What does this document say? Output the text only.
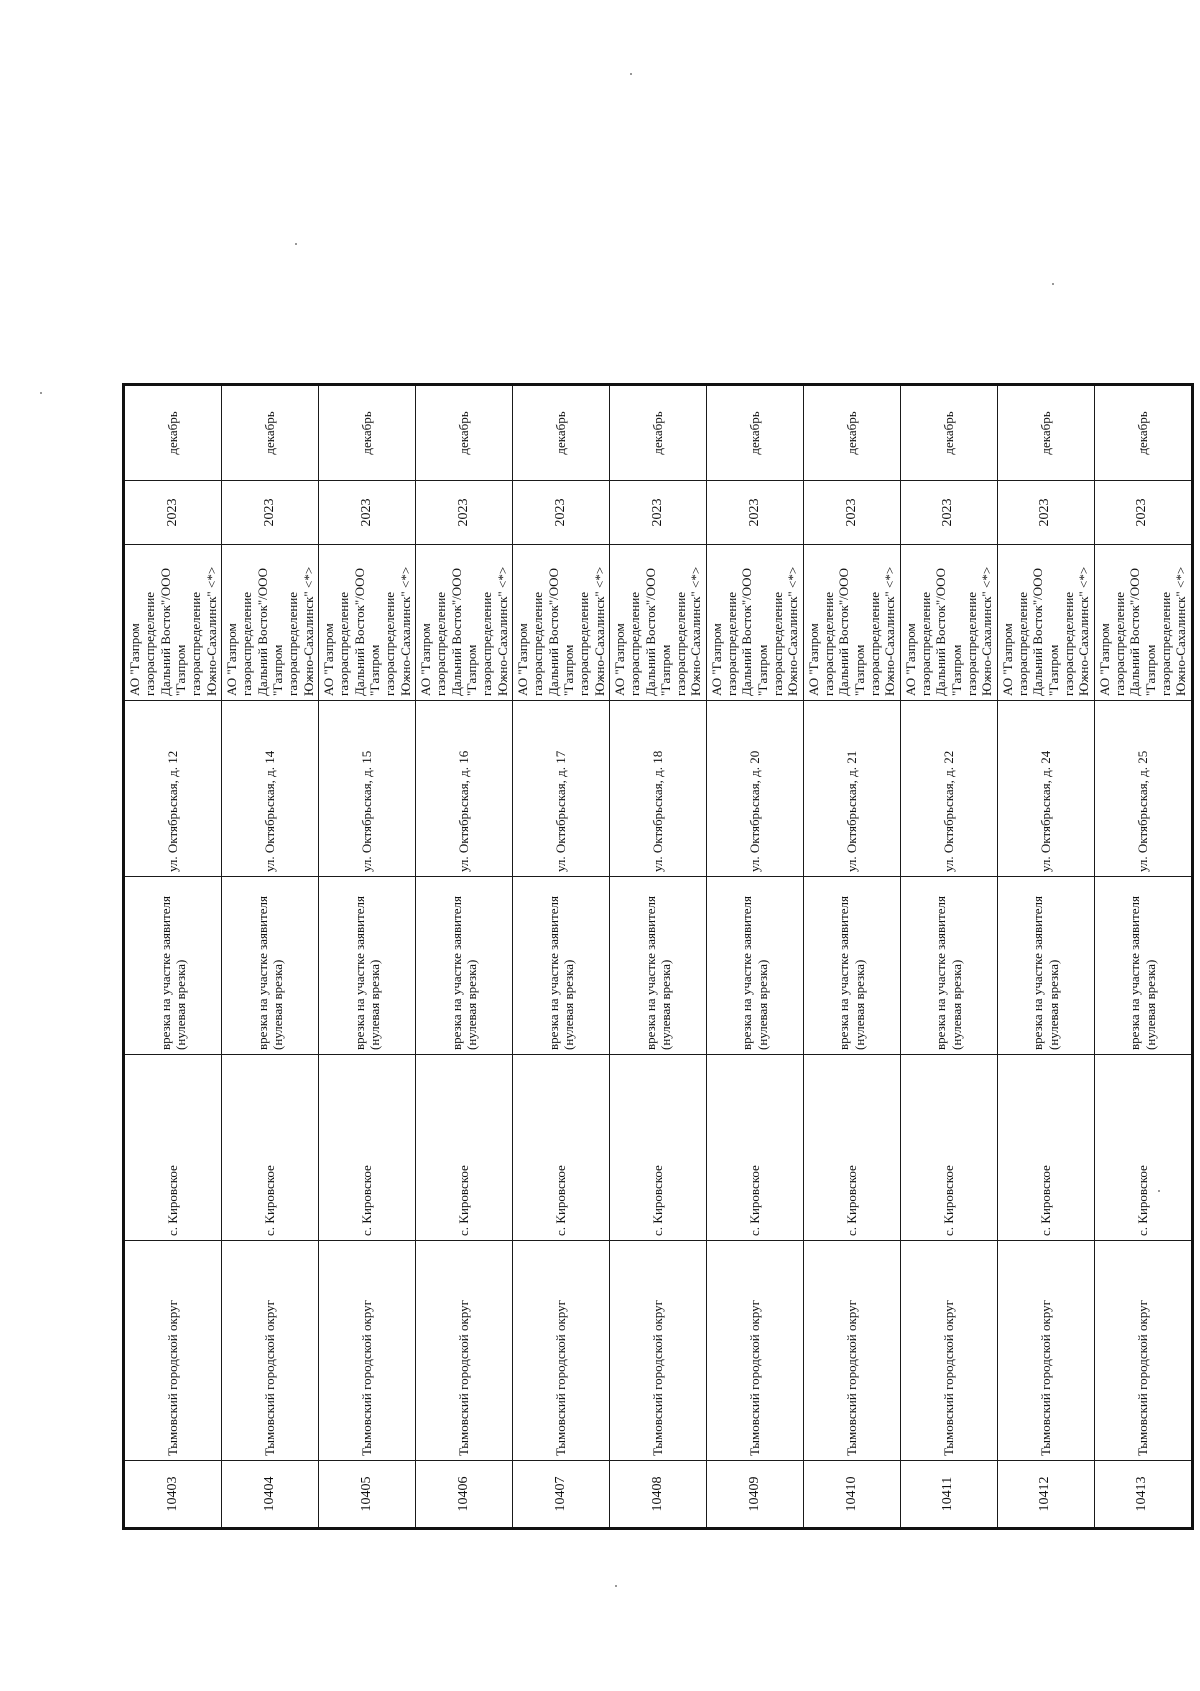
10403	Тымовский городской округ	с. Кировское	врезка на участке заявителя (нулевая врезка)	ул. Октябрьская, д. 12	АО "Газпром газораспределение Дальний Восток"/ООО "Газпром газораспределение Южно-Сахалинск" <*>	2023	декабрь
10404	Тымовский городской округ	с. Кировское	врезка на участке заявителя (нулевая врезка)	ул. Октябрьская, д. 14	АО "Газпром газораспределение Дальний Восток"/ООО "Газпром газораспределение Южно-Сахалинск" <*>	2023	декабрь
10405	Тымовский городской округ	с. Кировское	врезка на участке заявителя (нулевая врезка)	ул. Октябрьская, д. 15	АО "Газпром газораспределение Дальний Восток"/ООО "Газпром газораспределение Южно-Сахалинск" <*>	2023	декабрь
10406	Тымовский городской округ	с. Кировское	врезка на участке заявителя (нулевая врезка)	ул. Октябрьская, д. 16	АО "Газпром газораспределение Дальний Восток"/ООО "Газпром газораспределение Южно-Сахалинск" <*>	2023	декабрь
10407	Тымовский городской округ	с. Кировское	врезка на участке заявителя (нулевая врезка)	ул. Октябрьская, д. 17	АО "Газпром газораспределение Дальний Восток"/ООО "Газпром газораспределение Южно-Сахалинск" <*>	2023	декабрь
10408	Тымовский городской округ	с. Кировское	врезка на участке заявителя (нулевая врезка)	ул. Октябрьская, д. 18	АО "Газпром газораспределение Дальний Восток"/ООО "Газпром газораспределение Южно-Сахалинск" <*>	2023	декабрь
10409	Тымовский городской округ	с. Кировское	врезка на участке заявителя (нулевая врезка)	ул. Октябрьская, д. 20	АО "Газпром газораспределение Дальний Восток"/ООО "Газпром газораспределение Южно-Сахалинск" <*>	2023	декабрь
10410	Тымовский городской округ	с. Кировское	врезка на участке заявителя (нулевая врезка)	ул. Октябрьская, д. 21	АО "Газпром газораспределение Дальний Восток"/ООО "Газпром газораспределение Южно-Сахалинск" <*>	2023	декабрь
10411	Тымовский городской округ	с. Кировское	врезка на участке заявителя (нулевая врезка)	ул. Октябрьская, д. 22	АО "Газпром газораспределение Дальний Восток"/ООО "Газпром газораспределение Южно-Сахалинск" <*>	2023	декабрь
10412	Тымовский городской округ	с. Кировское	врезка на участке заявителя (нулевая врезка)	ул. Октябрьская, д. 24	АО "Газпром газораспределение Дальний Восток"/ООО "Газпром газораспределение Южно-Сахалинск" <*>	2023	декабрь
10413	Тымовский городской округ	с. Кировское	врезка на участке заявителя (нулевая врезка)	ул. Октябрьская, д. 25	АО "Газпром газораспределение Дальний Восток"/ООО "Газпром газораспределение Южно-Сахалинск" <*>	2023	декабрь
